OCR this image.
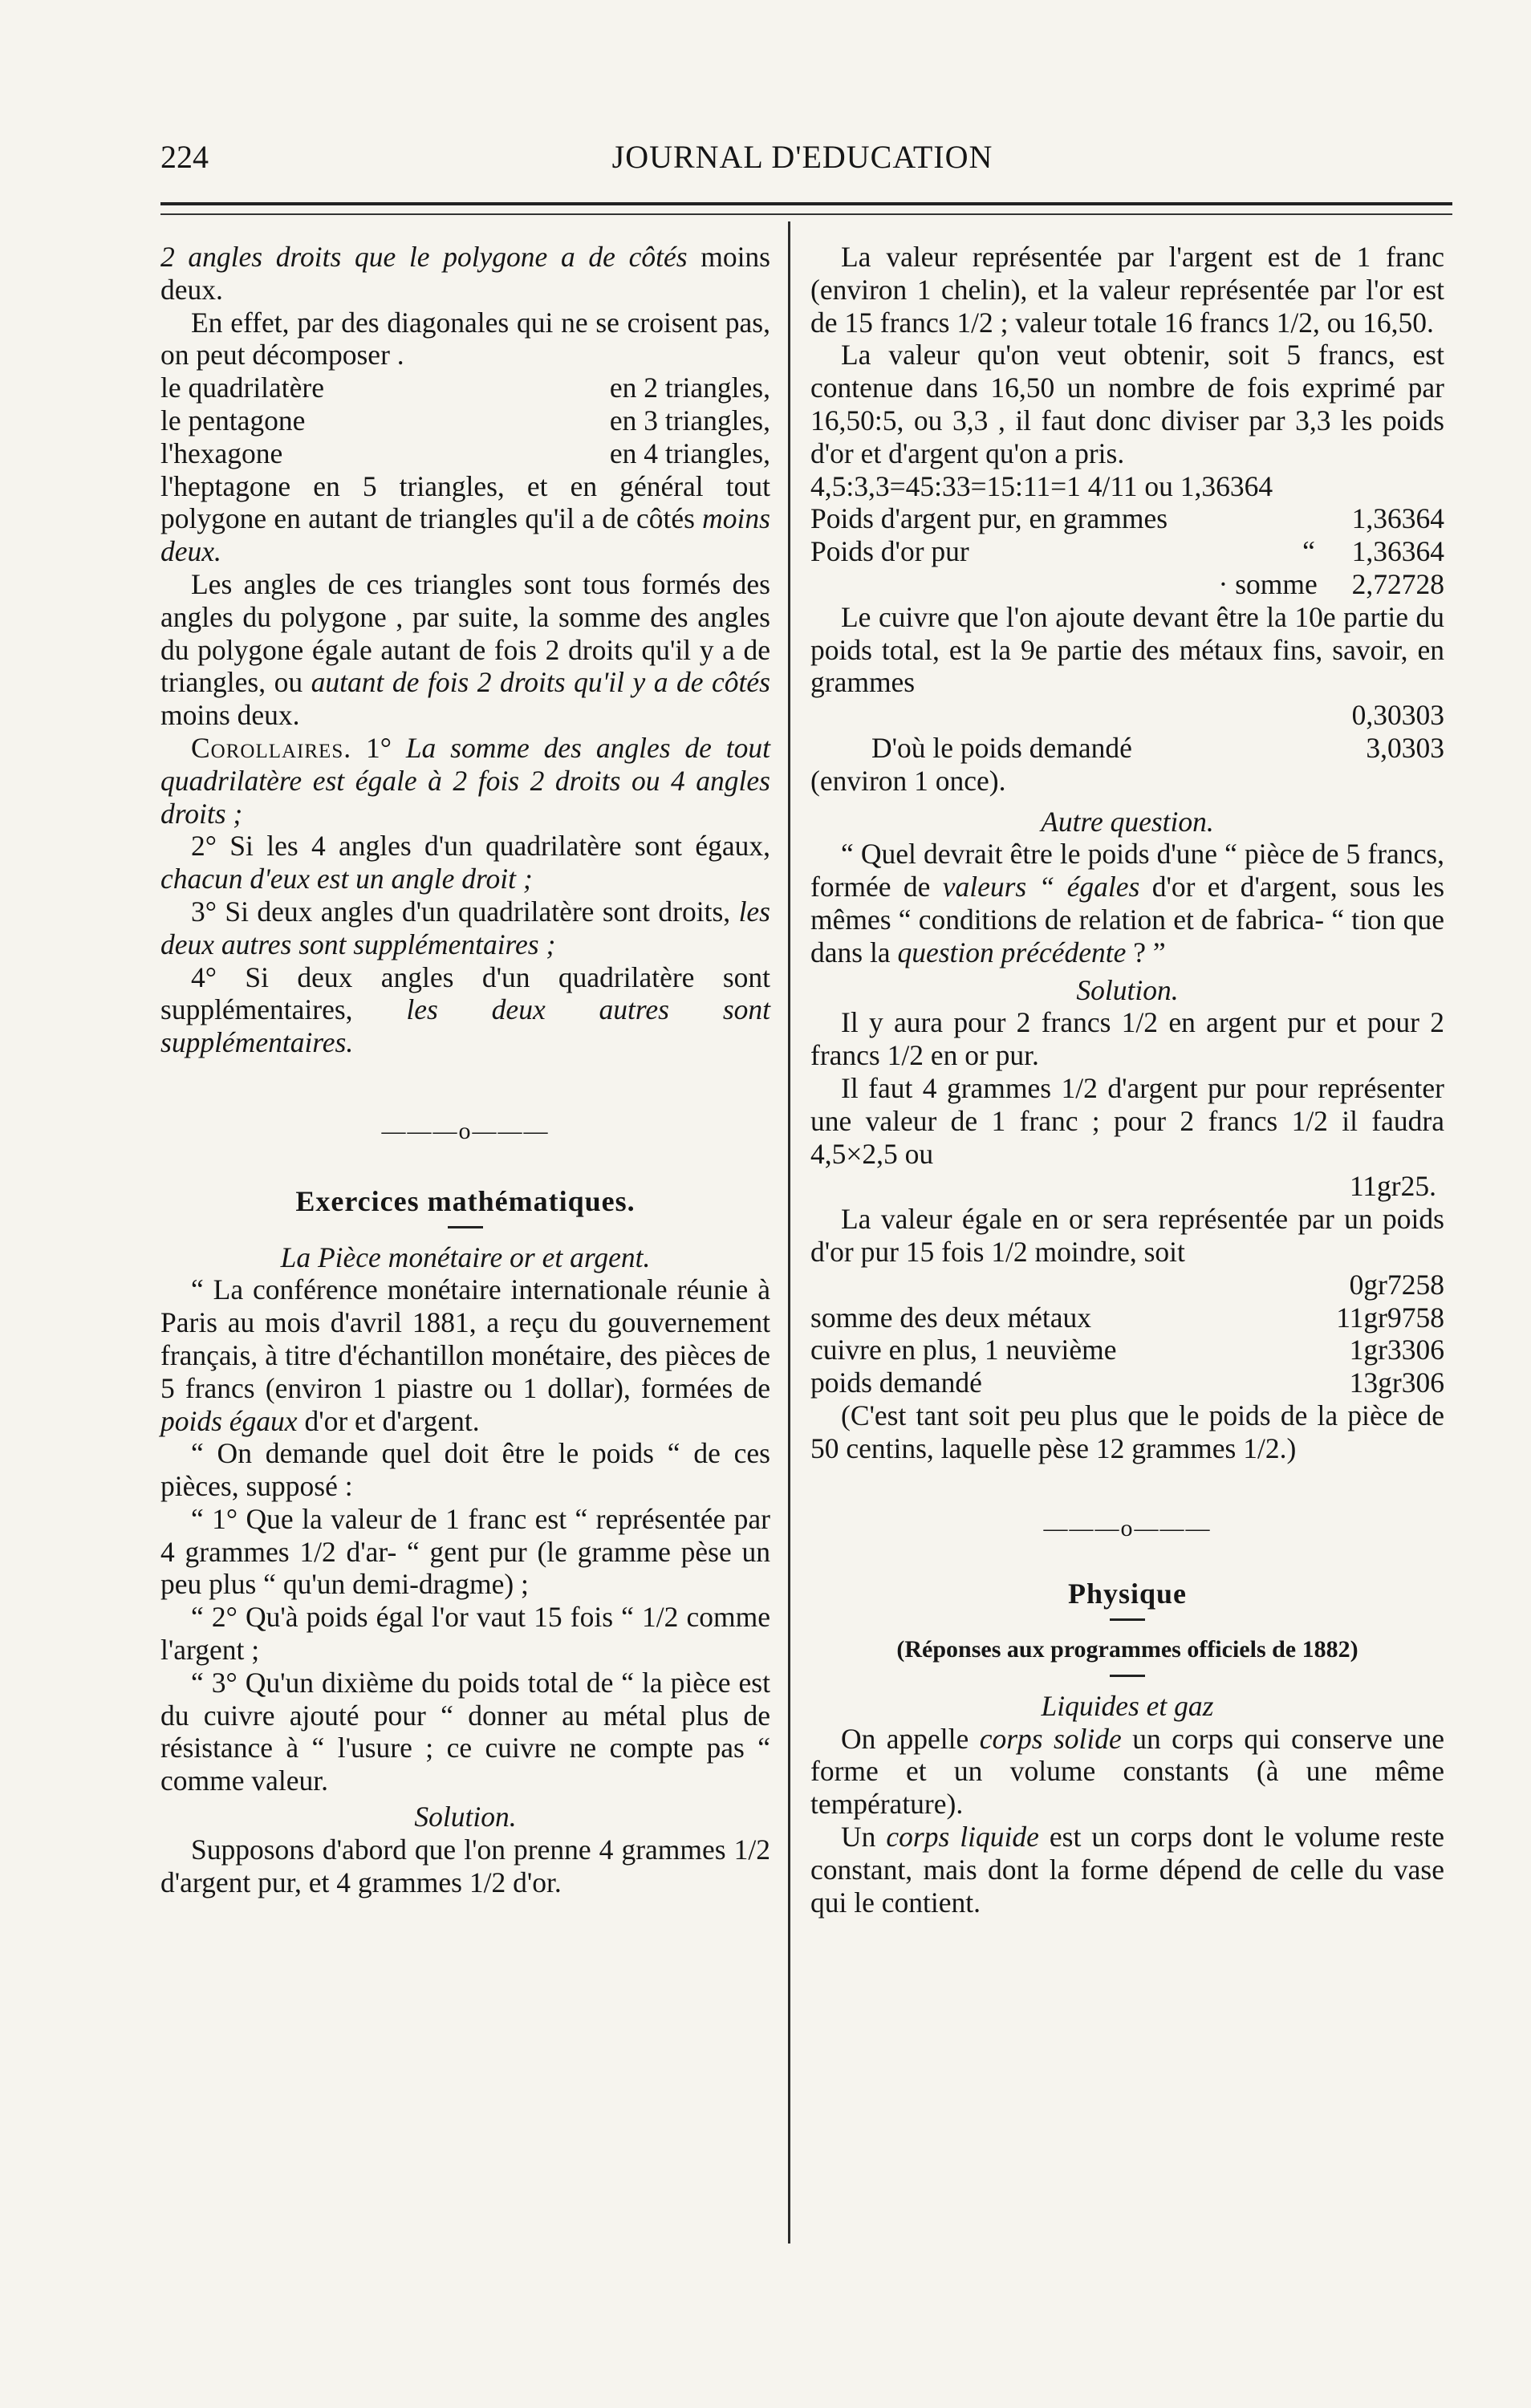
224	JOURNAL D'EDUCATION

2 angles droits que le polygone a de côtés moins deux.

En effet, par des diagonales qui ne se croisent pas, on peut décomposer .

le quadrilatère	en 2 triangles,
le pentagone	en 3 triangles,
l'hexagone	en 4 triangles,

l'heptagone en 5 triangles, et en général tout polygone en autant de triangles qu'il a de côtés moins deux.

Les angles de ces triangles sont tous formés des angles du polygone , par suite, la somme des angles du polygone égale autant de fois 2 droits qu'il y a de triangles, ou autant de fois 2 droits qu'il y a de côtés moins deux.

Corollaires. 1° La somme des angles de tout quadrilatère est égale à 2 fois 2 droits ou 4 angles droits ;

2° Si les 4 angles d'un quadrilatère sont égaux, chacun d'eux est un angle droit ;

3° Si deux angles d'un quadrilatère sont droits, les deux autres sont supplémentaires ;

4° Si deux angles d'un quadrilatère sont supplémentaires, les deux autres sont supplémentaires.

———o———

Exercices mathématiques.

La Pièce monétaire or et argent.

“ La conférence monétaire internationale réunie à Paris au mois d'avril 1881, a reçu du gouvernement français, à titre d'échantillon monétaire, des pièces de 5 francs (environ 1 piastre ou 1 dollar), formées de poids égaux d'or et d'argent.

“ On demande quel doit être le poids “ de ces pièces, supposé :

“ 1° Que la valeur de 1 franc est “ représentée par 4 grammes 1/2 d'ar- “ gent pur (le gramme pèse un peu plus “ qu'un demi-dragme) ;

“ 2° Qu'à poids égal l'or vaut 15 fois “ 1/2 comme l'argent ;

“ 3° Qu'un dixième du poids total de “ la pièce est du cuivre ajouté pour “ donner au métal plus de résistance à “ l'usure ; ce cuivre ne compte pas “ comme valeur.

Solution.

Supposons d'abord que l'on prenne 4 grammes 1/2 d'argent pur, et 4 grammes 1/2 d'or.

La valeur représentée par l'argent est de 1 franc (environ 1 chelin), et la valeur représentée par l'or est de 15 francs 1/2 ; valeur totale 16 francs 1/2, ou 16,50.

La valeur qu'on veut obtenir, soit 5 francs, est contenue dans 16,50 un nombre de fois exprimé par 16,50:5, ou 3,3 , il faut donc diviser par 3,3 les poids d'or et d'argent qu'on a pris.

4,5:3,3=45:33=15:11=1 4/11 ou 1,36364

Poids d'argent pur, en grammes		1,36364
Poids d'or pur	“	1,36364
· somme		2,72728

Le cuivre que l'on ajoute devant être la 10e partie du poids total, est la 9e partie des métaux fins, savoir, en grammes

0,30303

D'où le poids demandé	3,0303

(environ 1 once).

Autre question.

“ Quel devrait être le poids d'une “ pièce de 5 francs, formée de valeurs “ égales d'or et d'argent, sous les mêmes “ conditions de relation et de fabrica- “ tion que dans la question précédente ? ”

Solution.

Il y aura pour 2 francs 1/2 en argent pur et pour 2 francs 1/2 en or pur.

Il faut 4 grammes 1/2 d'argent pur pour représenter une valeur de 1 franc ; pour 2 francs 1/2 il faudra 4,5×2,5 ou

11gr25.

La valeur égale en or sera représentée par un poids d'or pur 15 fois 1/2 moindre, soit

	0gr7258
somme des deux métaux	11gr9758
cuivre en plus, 1 neuvième	1gr3306
poids demandé	13gr306

(C'est tant soit peu plus que le poids de la pièce de 50 centins, laquelle pèse 12 grammes 1/2.)

———o———

Physique

(Réponses aux programmes officiels de 1882)

Liquides et gaz

On appelle corps solide un corps qui conserve une forme et un volume constants (à une même température).

Un corps liquide est un corps dont le volume reste constant, mais dont la forme dépend de celle du vase qui le contient.
